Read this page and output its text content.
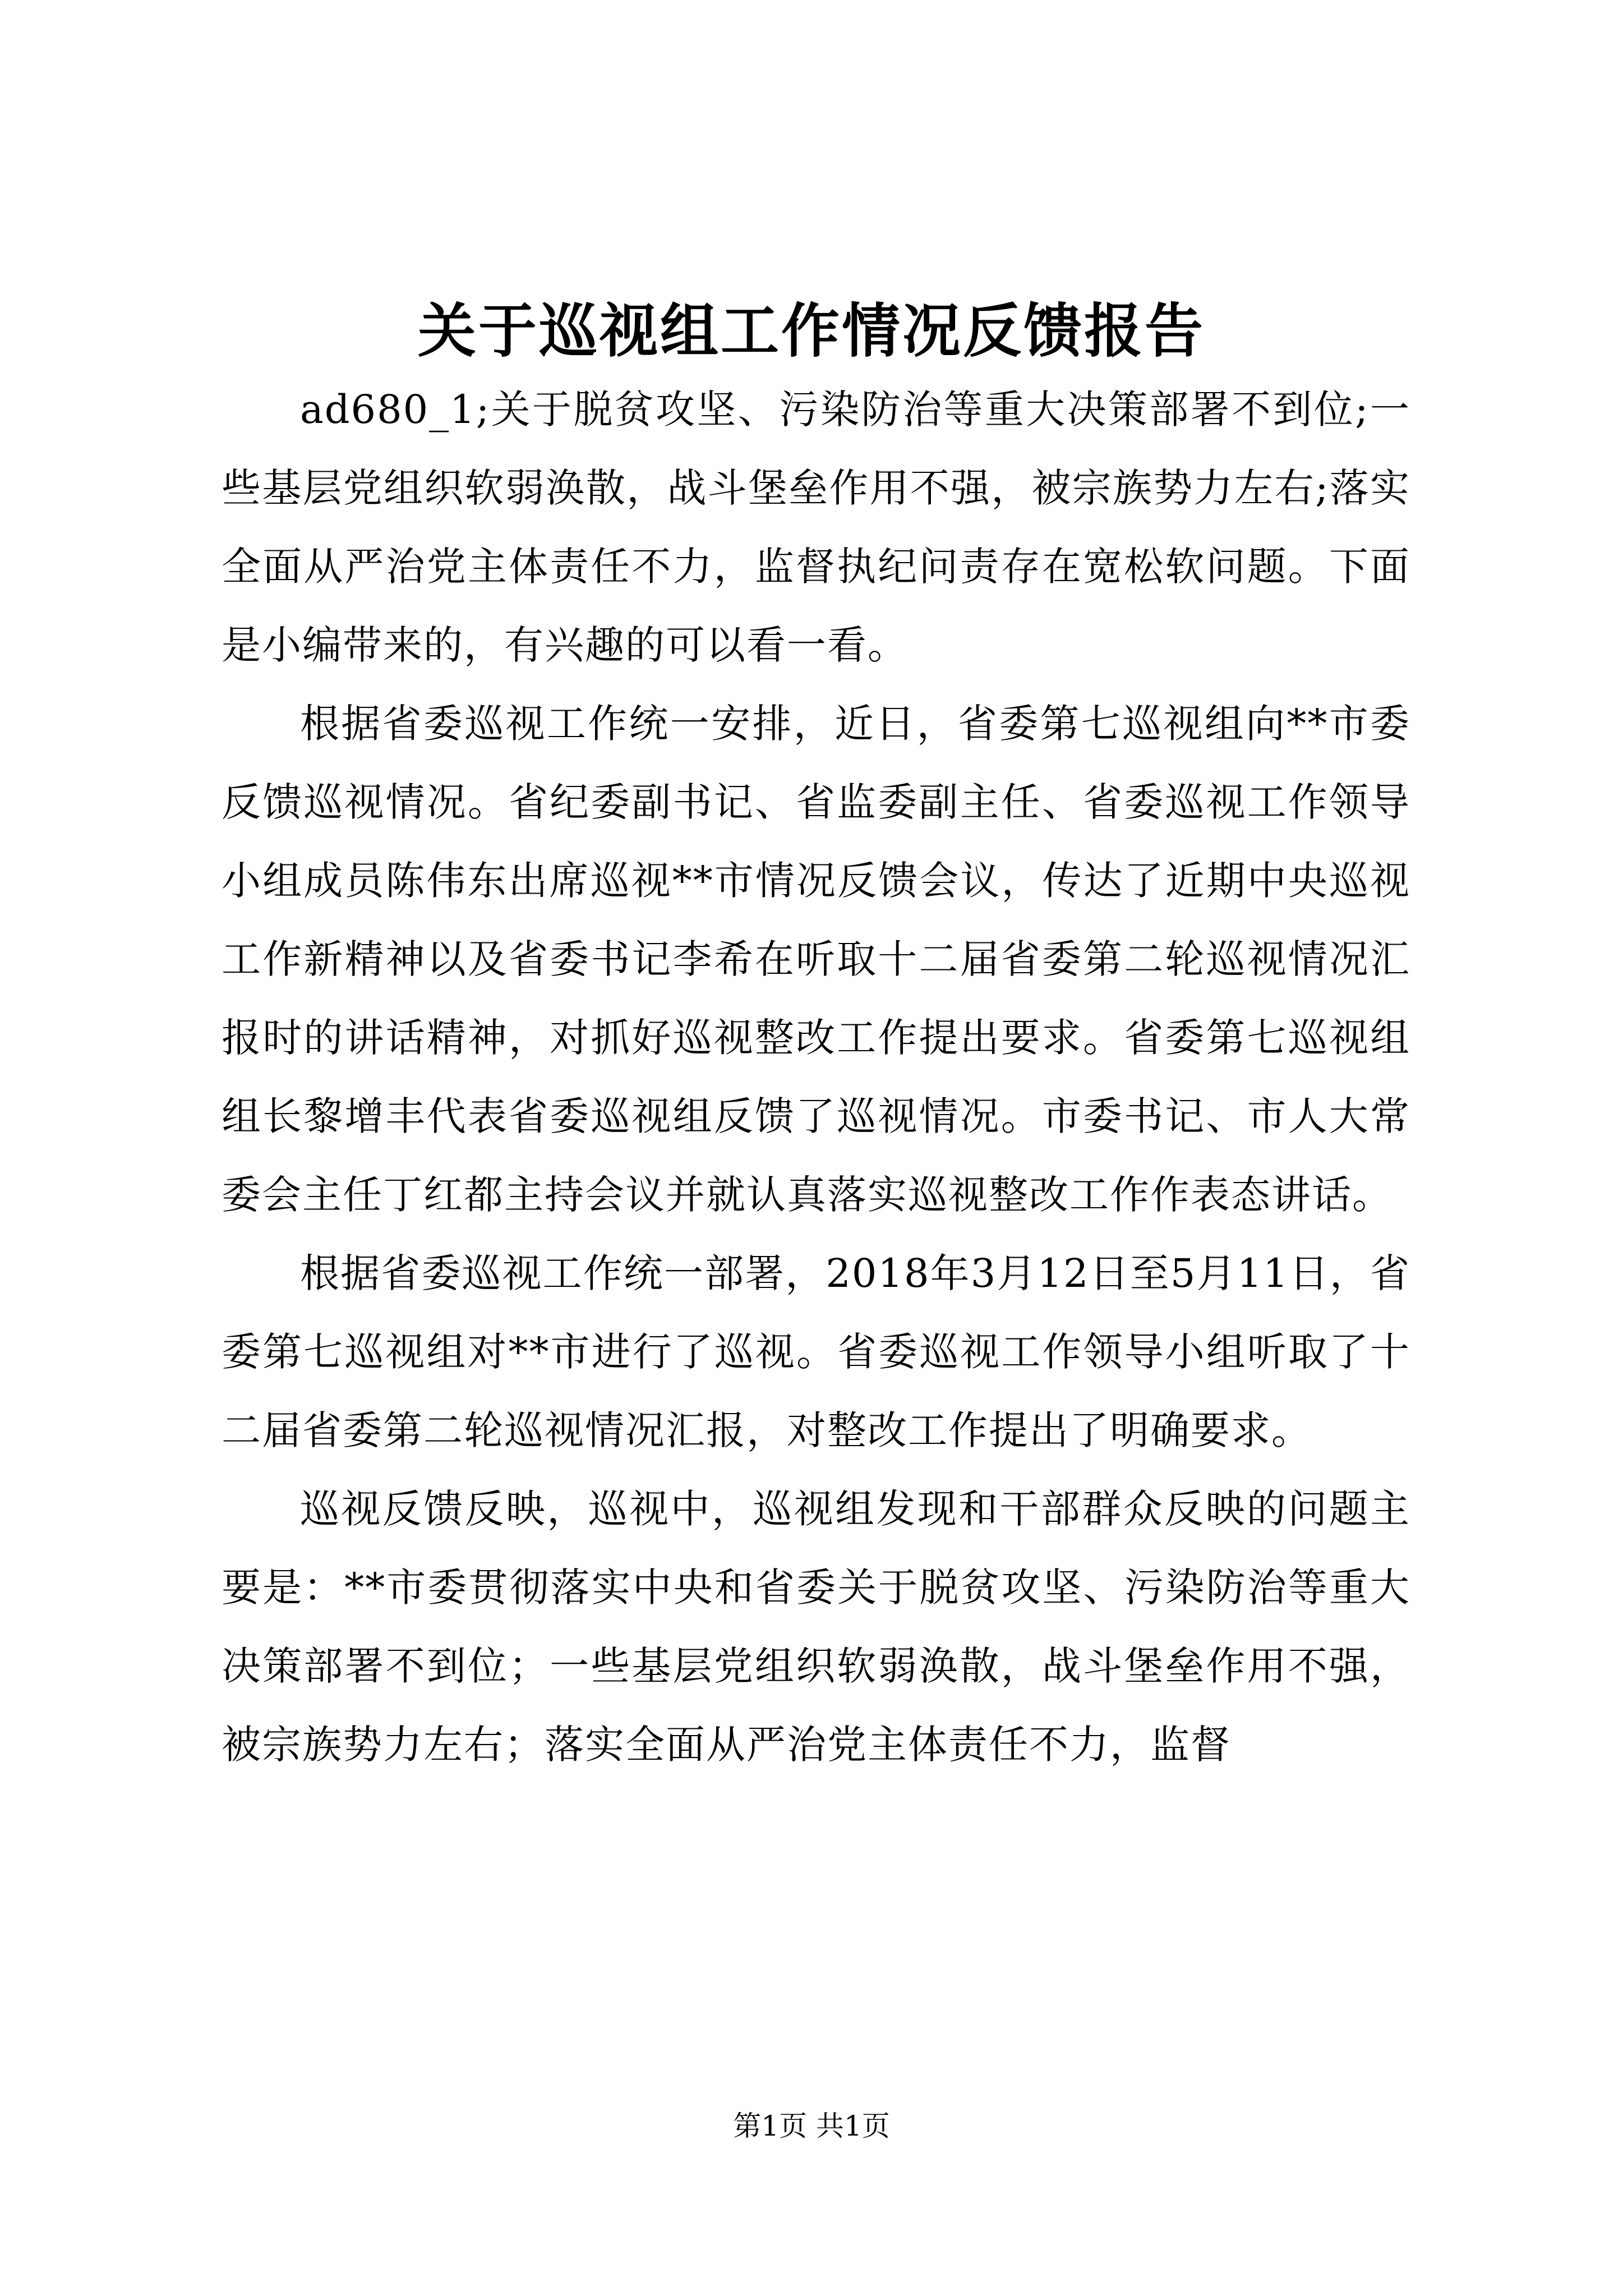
关于巡视组工作情况反馈报告

ad680_1;关于脱贫攻坚、污染防治等重大决策部署不到位;一些基层党组织软弱涣散，战斗堡垒作用不强，被宗族势力左右;落实全面从严治党主体责任不力，监督执纪问责存在宽松软问题。下面是小编带来的，有兴趣的可以看一看。

根据省委巡视工作统一安排，近日，省委第七巡视组向**市委反馈巡视情况。省纪委副书记、省监委副主任、省委巡视工作领导小组成员陈伟东出席巡视**市情况反馈会议，传达了近期中央巡视工作新精神以及省委书记李希在听取十二届省委第二轮巡视情况汇报时的讲话精神，对抓好巡视整改工作提出要求。省委第七巡视组组长黎增丰代表省委巡视组反馈了巡视情况。市委书记、市人大常委会主任丁红都主持会议并就认真落实巡视整改工作作表态讲话。

根据省委巡视工作统一部署，2018年3月12日至5月11日，省委第七巡视组对**市进行了巡视。省委巡视工作领导小组听取了十二届省委第二轮巡视情况汇报，对整改工作提出了明确要求。

巡视反馈反映，巡视中，巡视组发现和干部群众反映的问题主要是：**市委贯彻落实中央和省委关于脱贫攻坚、污染防治等重大决策部署不到位；一些基层党组织软弱涣散，战斗堡垒作用不强，被宗族势力左右；落实全面从严治党主体责任不力，监督

第1页 共1页
